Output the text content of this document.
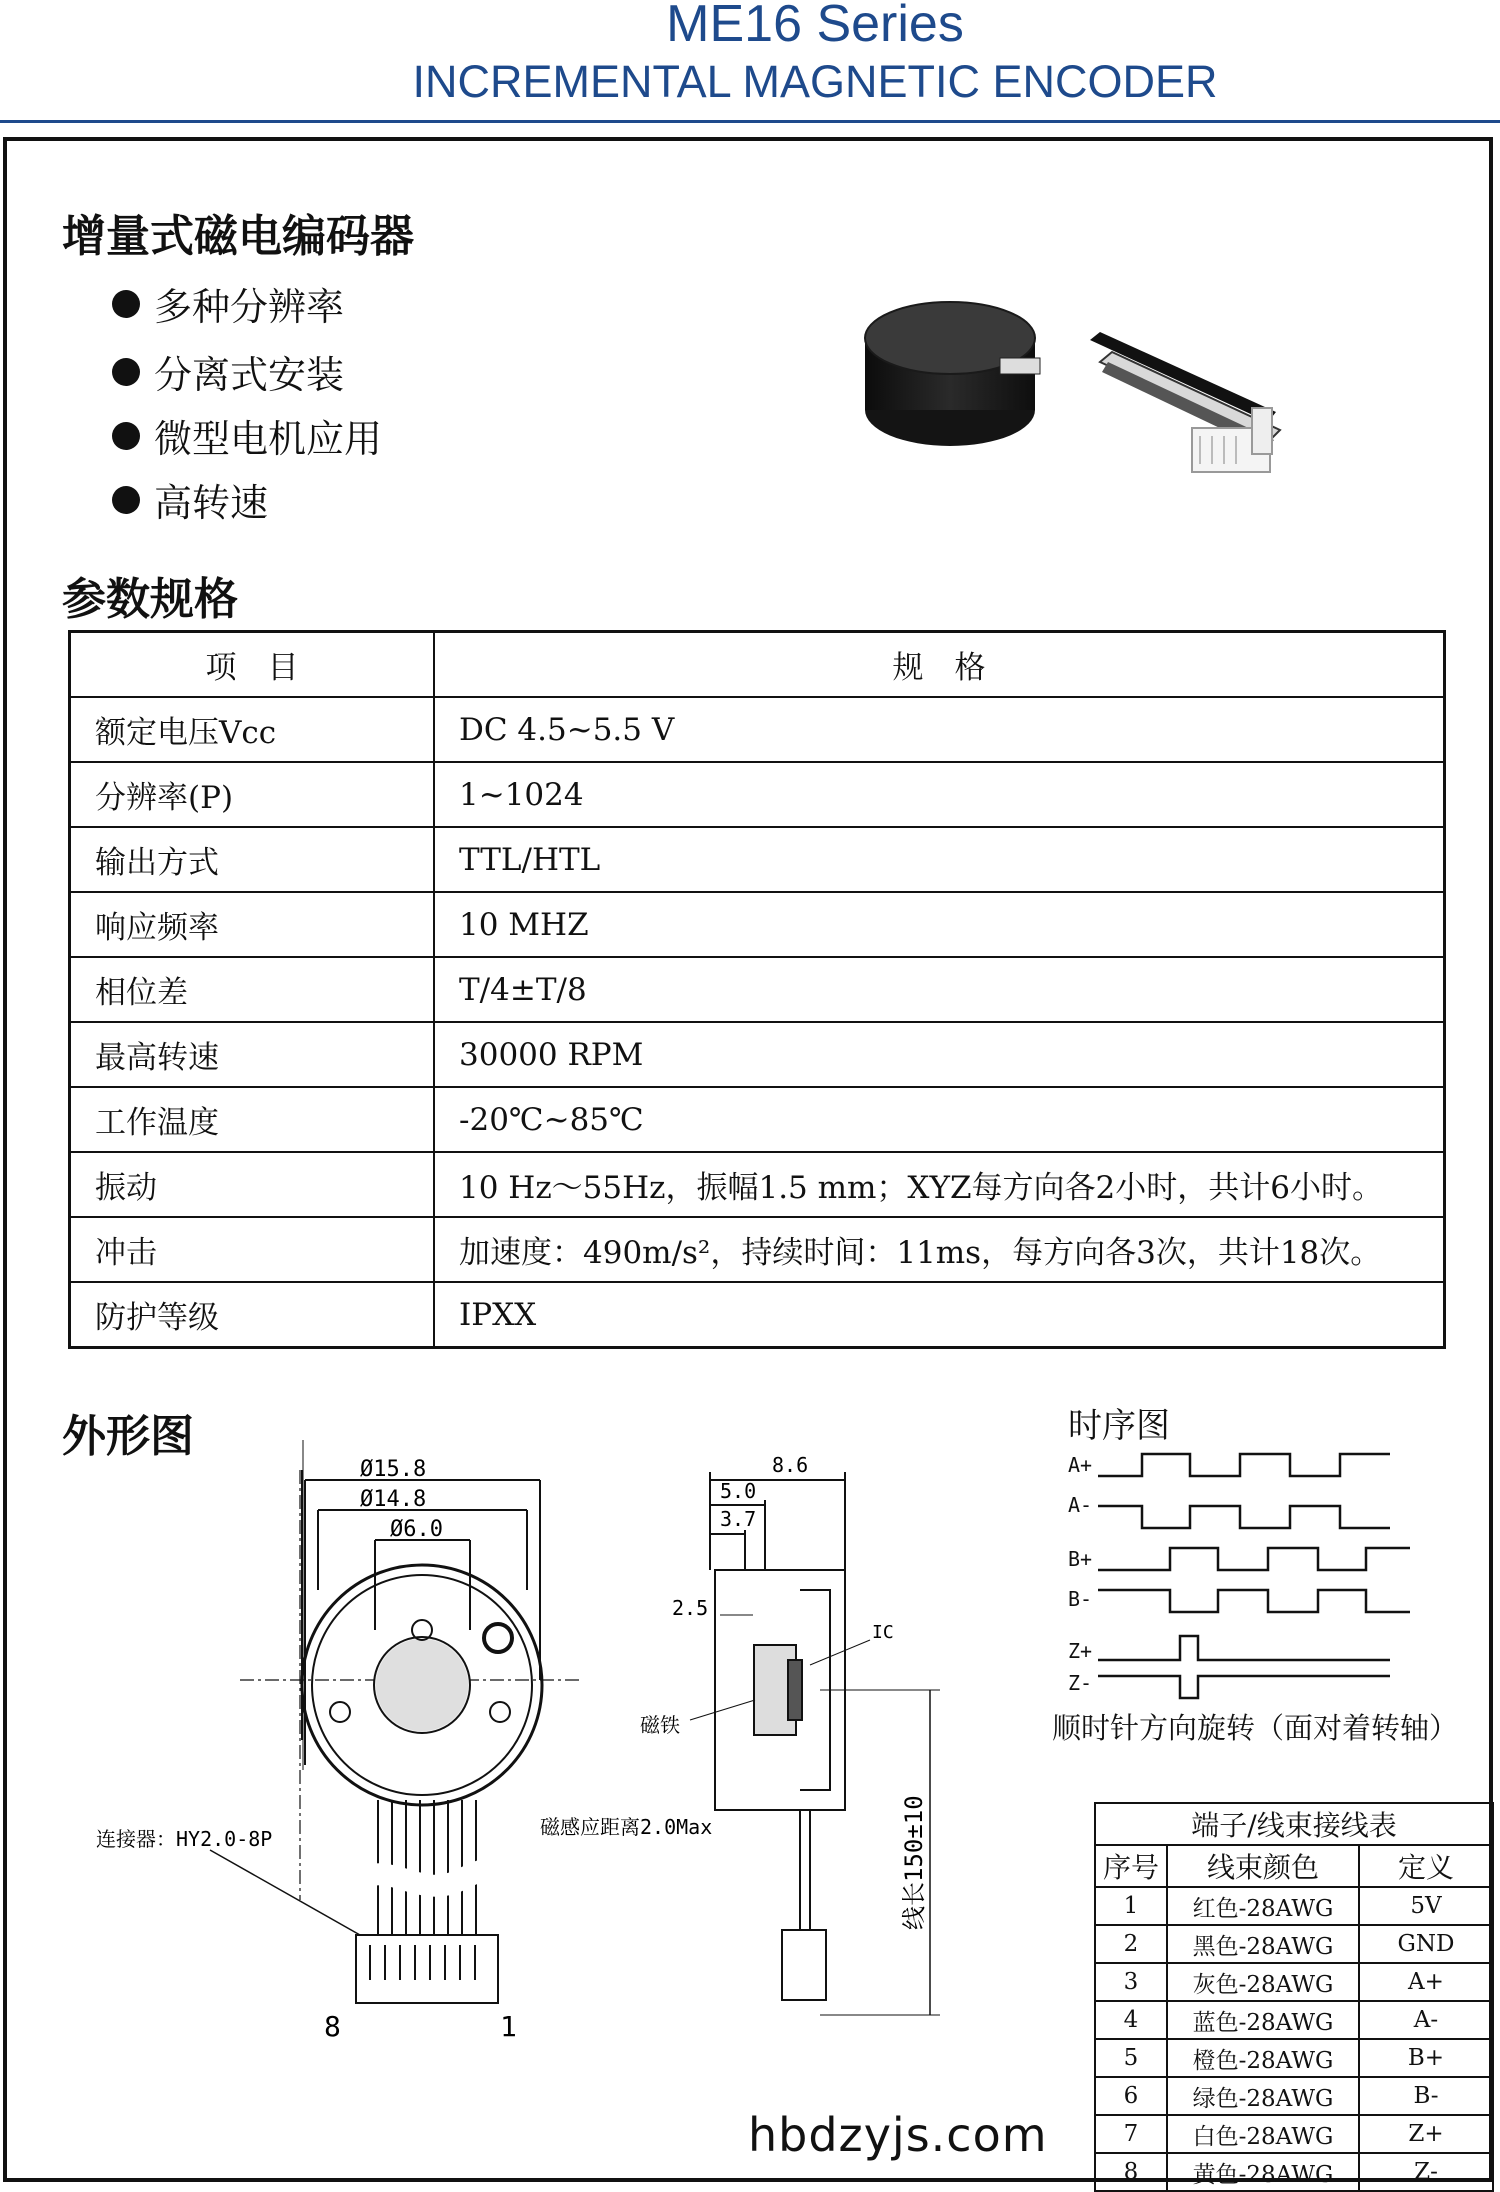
ME16 Series
INCREMENTAL MAGNETIC ENCODER
增量式磁电编码器
多种分辨率
分离式安装
微型电机应用
高转速
参数规格
项　目	规　格
额定电压Vcc	DC 4.5~5.5 V
分辨率(P)	1~1024
输出方式	TTL/HTL
响应频率	10 MHZ
相位差	T/4±T/8
最高转速	30000 RPM
工作温度	-20℃~85℃
振动	10 Hz～55Hz，振幅1.5 mm；XYZ每方向各2小时，共计6小时。
冲击	加速度：490m/s²，持续时间：11ms，每方向各3次，共计18次。
防护等级	IPXX
外形图
Ø15.8
Ø14.8
Ø6.0
连接器：HY2.0-8P
8	1
8.6
5.0
3.7
2.5
IC
磁铁
磁感应距离2.0Max	线长150±10
时序图
A+
A-
B+
B-
Z+
Z-
顺时针方向旋转（面对着转轴）
端子/线束接线表		
序号	线束颜色	定义
1	红色-28AWG	5V
2	黑色-28AWG	GND
3	灰色-28AWG	A+
4	蓝色-28AWG	A-
5	橙色-28AWG	B+
6	绿色-28AWG	B-
7	白色-28AWG	Z+
8	黄色-28AWG	Z-
hbdzyjs.com
